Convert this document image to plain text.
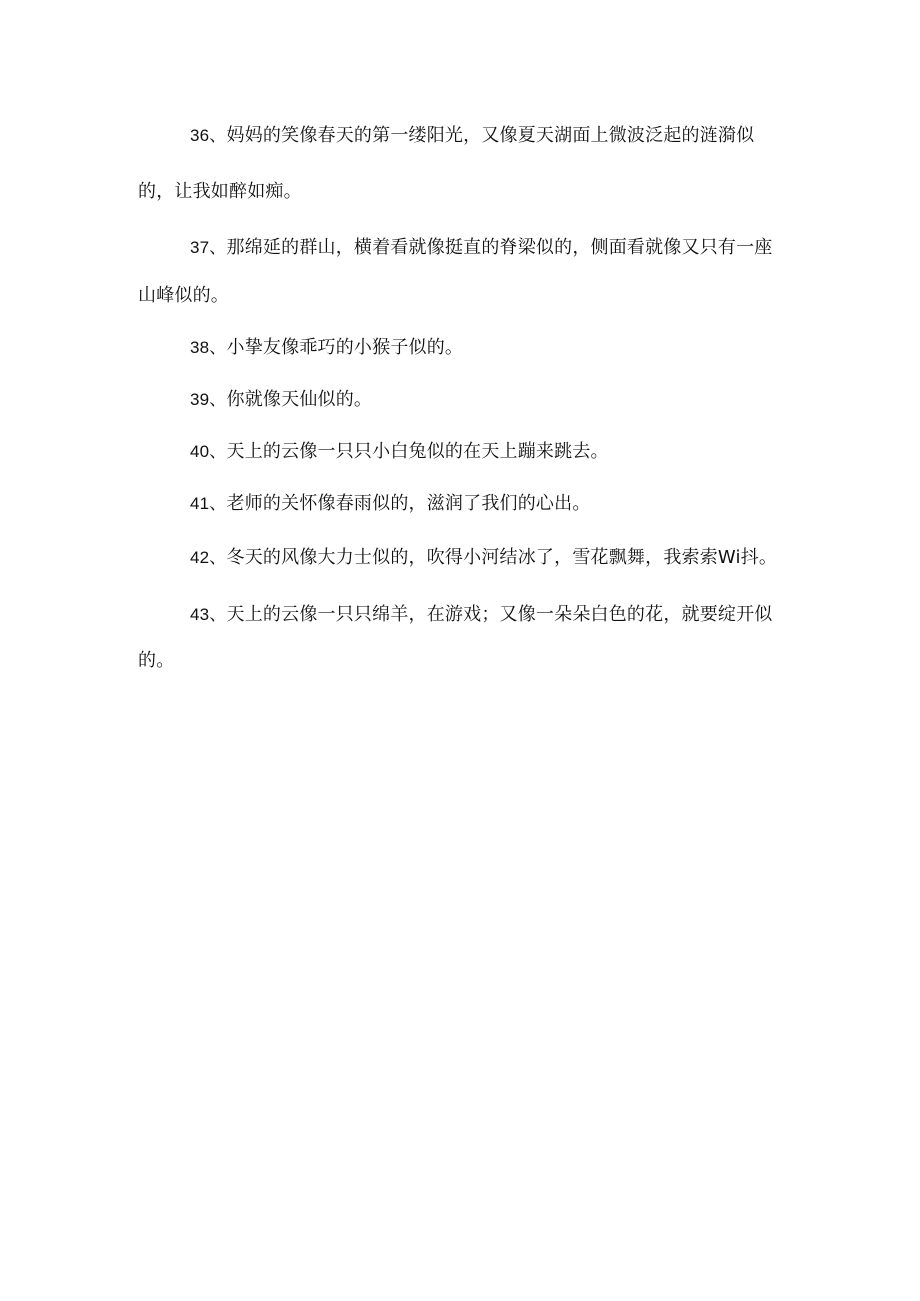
36、妈妈的笑像春天的第一缕阳光，又像夏天湖面上微波泛起的涟漪似的，让我如醉如痴。

37、那绵延的群山，横着看就像挺直的脊梁似的，侧面看就像又只有一座山峰似的。

38、小挚友像乖巧的小猴子似的。

39、你就像天仙似的。

40、天上的云像一只只小白兔似的在天上蹦来跳去。

41、老师的关怀像春雨似的，滋润了我们的心出。

42、冬天的风像大力士似的，吹得小河结冰了，雪花飘舞，我索索Wi抖。

43、天上的云像一只只绵羊，在游戏；又像一朵朵白色的花，就要绽开似的。
